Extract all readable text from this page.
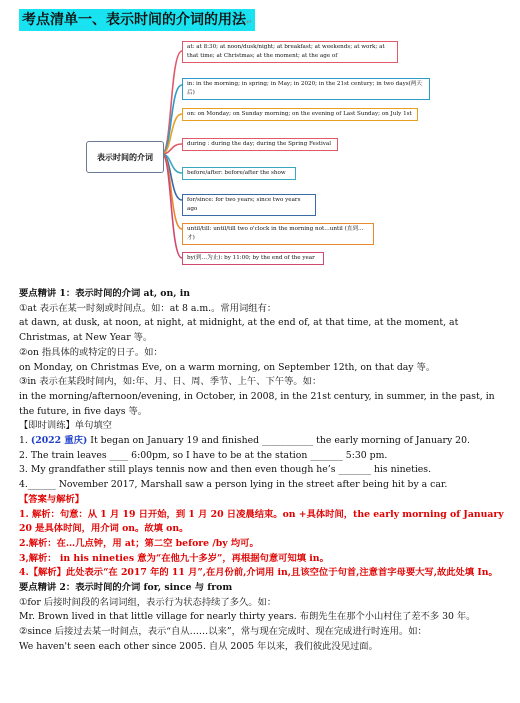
考点清单一、表示时间的介词的用法↵
表示时间的介词
at: at 8:30; at noon/dusk/night; at breakfast; at weekends; at work; at that time; at Christmas; at the moment; at the age of
in: in the morning; in spring; in May; in 2020; in the 21st century; in two days(两天后)
on: on Monday; on Sunday morning; on the evening of Last Sunday; on July 1st
during : during the day; during the Spring Festival
before/after: before/after the show
for/since: for two years; since two years ago
until/till: until/till two o'clock in the morning not…until (直到…才)
by(到…为止): by 11:00; by the end of the year

要点精讲 1：表示时间的介词 at, on, in

①at 表示在某一时刻或时间点。如：at 8 a.m.。常用词组有：

at dawn, at dusk, at noon, at night, at midnight, at the end of, at that time, at the moment, at Christmas, at New Year 等。

②on 指具体的或特定的日子。如：

on Monday, on Christmas Eve, on a warm morning, on September 12th, on that day 等。

③in 表示在某段时间内，如:年、月、日、周、季节、上午、下午等。如：

in the morning/afternoon/evening, in October, in 2008, in the 21st century, in summer, in the past, in the future, in five days 等。

【即时训练】单句填空

1. (2022 重庆) It began on January 19 and finished ___________ the early morning of January 20.

2. The train leaves ____ 6:00pm, so I have to be at the station _______ 5:30 pm.

3. My grandfather still plays tennis now and then even though he’s _______ his nineties.

4.______ November 2017, Marshall saw a person lying in the street after being hit by a car.

【答案与解析】

1. 解析：句意：从 1 月 19 日开始，到 1 月 20 日凌晨结束。on +具体时间，the early morning of January 20 是具体时间，用介词 on。故填 on。

2.解析：在…几点钟，用 at；第二空 before /by 均可。

3,解析： in his nineties 意为“在他九十多岁”，再根据句意可知填 in。

4.【解析】此处表示“在 2017 年的 11 月”,在月份前,介词用 in,且该空位于句首,注意首字母要大写,故此处填 In。

要点精讲 2：表示时间的介词 for, since 与 from

①for 后接时间段的名词词组，表示行为状态持续了多久。如：

Mr. Brown lived in that little village for nearly thirty years. 布朗先生在那个小山村住了差不多 30 年。

②since 后接过去某一时间点，表示“自从……以来”，常与现在完成时、现在完成进行时连用。如：

We haven't seen each other since 2005. 自从 2005 年以来，我们彼此没见过面。
